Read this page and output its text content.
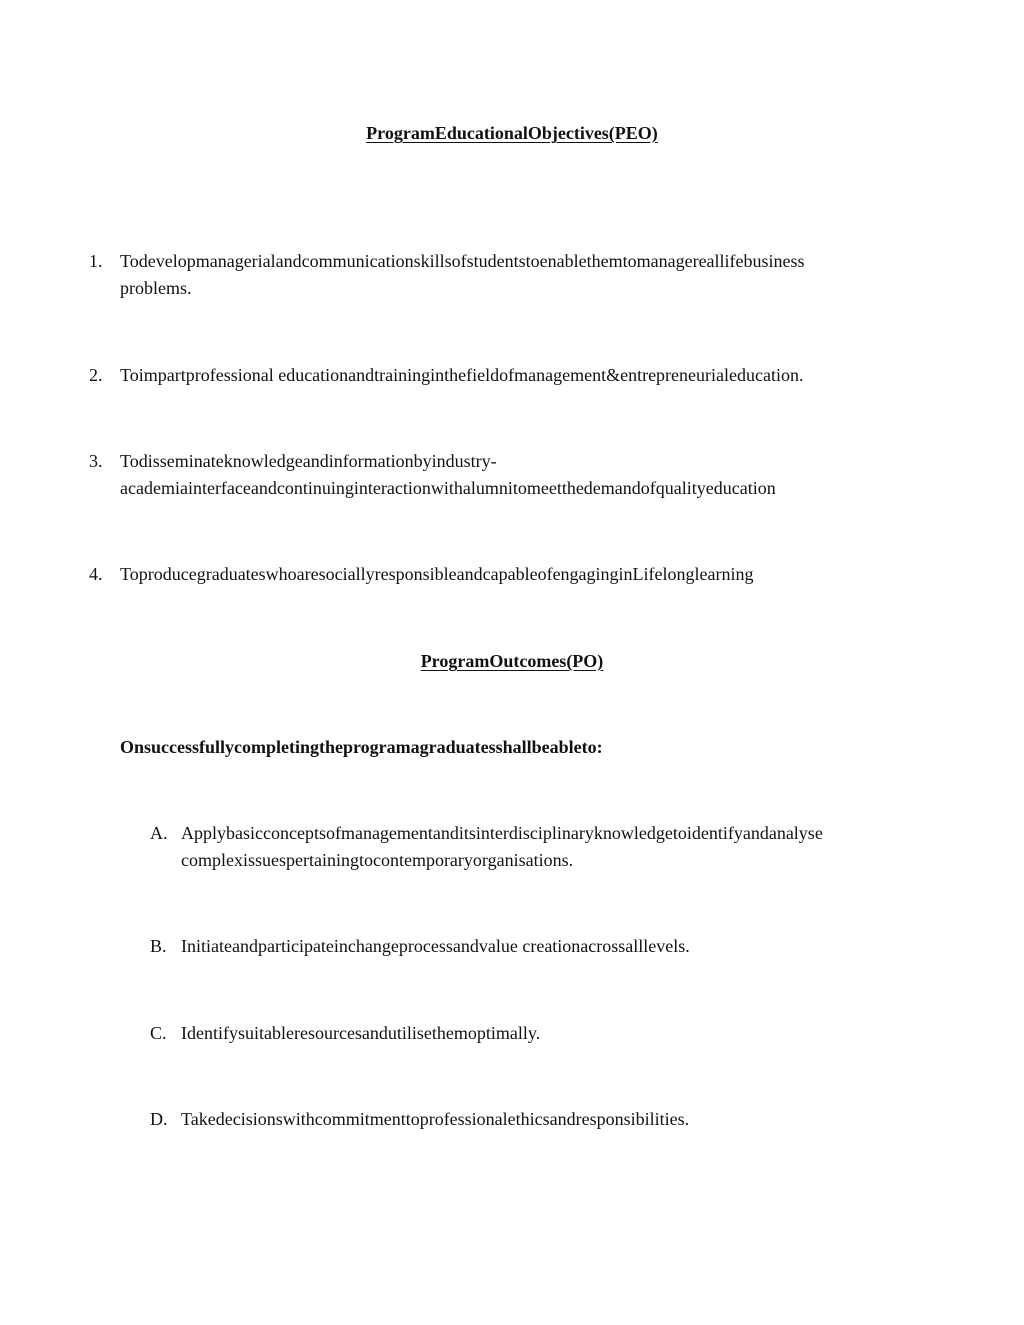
ProgramEducationalObjectives(PEO)
1. Todevelopmanagerialandcommunicationskillsofstudentstoenablethemtomanagereallifebusiness
problems.
2. Toimpartprofessional educationandtraininginthefieldofmanagement&entrepreneurialeducation.
3. Todisseminateknowledgeandinformationbyindustry-
academiainterfaceandcontinuinginteractionwithalumnitomeetthedemandofqualityeducation
4. ToproducegraduateswhoaresociallyresponsibleandcapableofengaginginLifelonglearning
ProgramOutcomes(PO)
Onsuccessfullycompletingtheprogramagraduatesshallbeableto:
A. Applybasicconceptsofmanagementanditsinterdisciplinaryknowledgetoidentifyandanalyse
complexissuespertainingtocontemporaryorganisations.
B. Initiateandparticipateinchangeprocessandvalue creationacrossalllevels.
C. Identifysuitableresourcesandutilisethemoptimally.
D. Takedecisionswithcommitmenttoprofessionalethicsandresponsibilities.
